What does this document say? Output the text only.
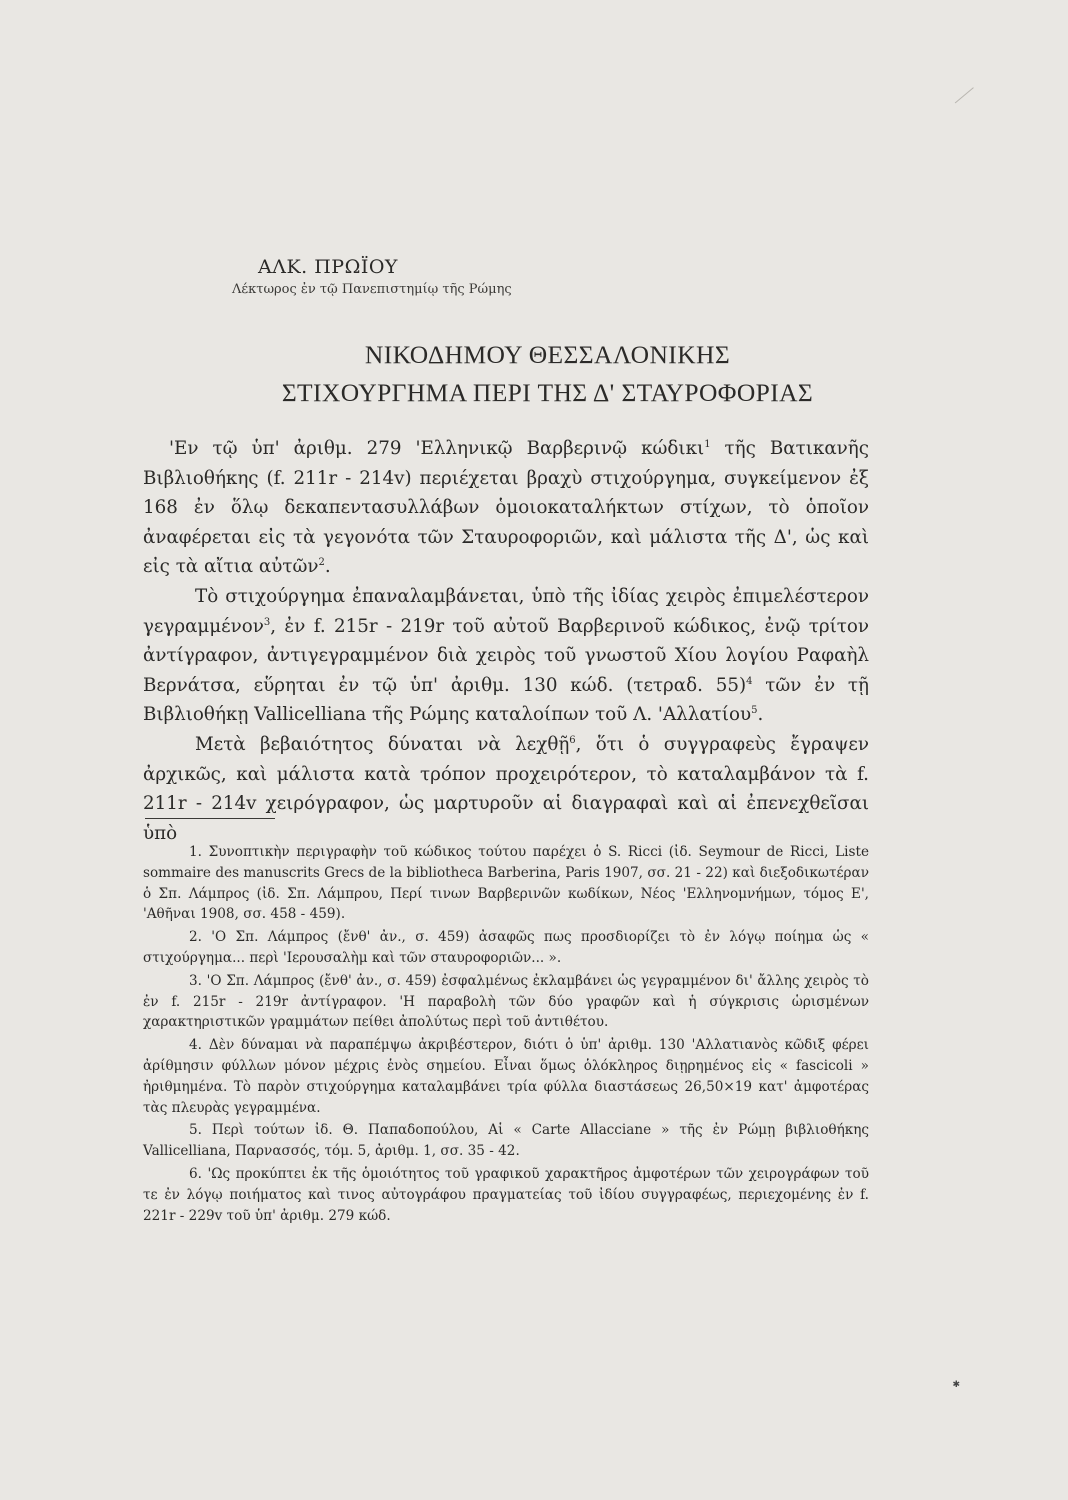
ΑΛΚ. ΠΡΩΪΟΥ
Λέκτωρος ἐν τῷ Πανεπιστημίῳ τῆς Ρώμης
ΝΙΚΟΔΗΜΟΥ ΘΕΣΣΑΛΟΝΙΚΗΣ
ΣΤΙΧΟΥΡΓΗΜΑ ΠΕΡΙ ΤΗΣ Δ' ΣΤΑΥΡΟΦΟΡΙΑΣ

'Εν τῷ ὑπ' ἀριθμ. 279 'Ελληνικῷ Βαρβερινῷ κώδικι$^1$ τῆς Βατικανῆς Βιβλιοθήκης (f. 211r - 214v) περιέχεται βραχὺ στιχούργημα, συγκείμενον ἐξ 168 ἐν ὅλῳ δεκαπεντασυλλάβων ὁμοιοκαταλήκτων στίχων, τὸ ὁποῖον ἀναφέρεται εἰς τὰ γεγονότα τῶν Σταυροφοριῶν, καὶ μάλιστα τῆς Δ', ὡς καὶ εἰς τὰ αἴτια αὐτῶν$^2$.

Τὸ στιχούργημα ἐπαναλαμβάνεται, ὑπὸ τῆς ἰδίας χειρὸς ἐπιμελέστερον γεγραμμένον$^3$, ἐν f. 215r - 219r τοῦ αὐτοῦ Βαρβερινοῦ κώδικος, ἐνῷ τρίτον ἀντίγραφον, ἀντιγεγραμμένον διὰ χειρὸς τοῦ γνωστοῦ Χίου λογίου Ραφαὴλ Βερνάτσα, εὕρηται ἐν τῷ ὑπ' ἀριθμ. 130 κώδ. (τετραδ. 55)$^4$ τῶν ἐν τῇ Βιβλιοθήκῃ Vallicelliana τῆς Ρώμης καταλοίπων τοῦ Λ. 'Αλλατίου$^5$.

Μετὰ βεβαιότητος δύναται νὰ λεχθῇ$^6$, ὅτι ὁ συγγραφεὺς ἔγραψεν ἀρχικῶς, καὶ μάλιστα κατὰ τρόπον προχειρότερον, τὸ καταλαμβάνον τὰ f. 211r - 214v χειρόγραφον, ὡς μαρτυροῦν αἱ διαγραφαὶ καὶ αἱ ἐπενεχθεῖσαι ὑπὸ

1. Συνοπτικὴν περιγραφὴν τοῦ κώδικος τούτου παρέχει ὁ S. Ricci (ἰδ. Seymour de Ricci, Liste sommaire des manuscrits Grecs de la bibliotheca Barberina, Paris 1907, σσ. 21 - 22) καὶ διεξοδικωτέραν ὁ Σπ. Λάμπρος (ἰδ. Σπ. Λάμπρου, Περί τινων Βαρβερινῶν κωδίκων, Νέος 'Ελληνομνήμων, τόμος Ε', 'Αθῆναι 1908, σσ. 458 - 459).

2. 'Ο Σπ. Λάμπρος (ἔνθ' ἀν., σ. 459) ἀσαφῶς πως προσδιορίζει τὸ ἐν λόγῳ ποίημα ὡς « στιχούργημα... περὶ 'Ιερουσαλὴμ καὶ τῶν σταυροφοριῶν... ».

3. 'Ο Σπ. Λάμπρος (ἔνθ' ἀν., σ. 459) ἐσφαλμένως ἐκλαμβάνει ὡς γεγραμμένον δι' ἄλλης χειρὸς τὸ ἐν f. 215r - 219r ἀντίγραφον. 'Η παραβολὴ τῶν δύο γραφῶν καὶ ἡ σύγκρισις ὡρισμένων χαρακτηριστικῶν γραμμάτων πείθει ἀπολύτως περὶ τοῦ ἀντιθέτου.

4. Δὲν δύναμαι νὰ παραπέμψω ἀκριβέστερον, διότι ὁ ὑπ' ἀριθμ. 130 'Αλλατιανὸς κῶδιξ φέρει ἀρίθμησιν φύλλων μόνον μέχρις ἑνὸς σημείου. Εἶναι ὅμως ὁλόκληρος διῃρημένος εἰς « fascicoli » ἠριθμημένα. Τὸ παρὸν στιχούργημα καταλαμβάνει τρία φύλλα διαστάσεως 26,50×19 κατ' ἀμφοτέρας τὰς πλευρὰς γεγραμμένα.

5. Περὶ τούτων ἰδ. Θ. Παπαδοπούλου, Αἱ « Carte Allacciane » τῆς ἐν Ρώμῃ βιβλιοθήκης Vallicelliana, Παρνασσός, τόμ. 5, ἀριθμ. 1, σσ. 35 - 42.

6. 'Ως προκύπτει ἐκ τῆς ὁμοιότητος τοῦ γραφικοῦ χαρακτῆρος ἀμφοτέρων τῶν χειρογράφων τοῦ τε ἐν λόγῳ ποιήματος καὶ τινος αὐτογράφου πραγματείας τοῦ ἰδίου συγγραφέως, περιεχομένης ἐν f. 221r - 229v τοῦ ὑπ' ἀριθμ. 279 κώδ.

✱
